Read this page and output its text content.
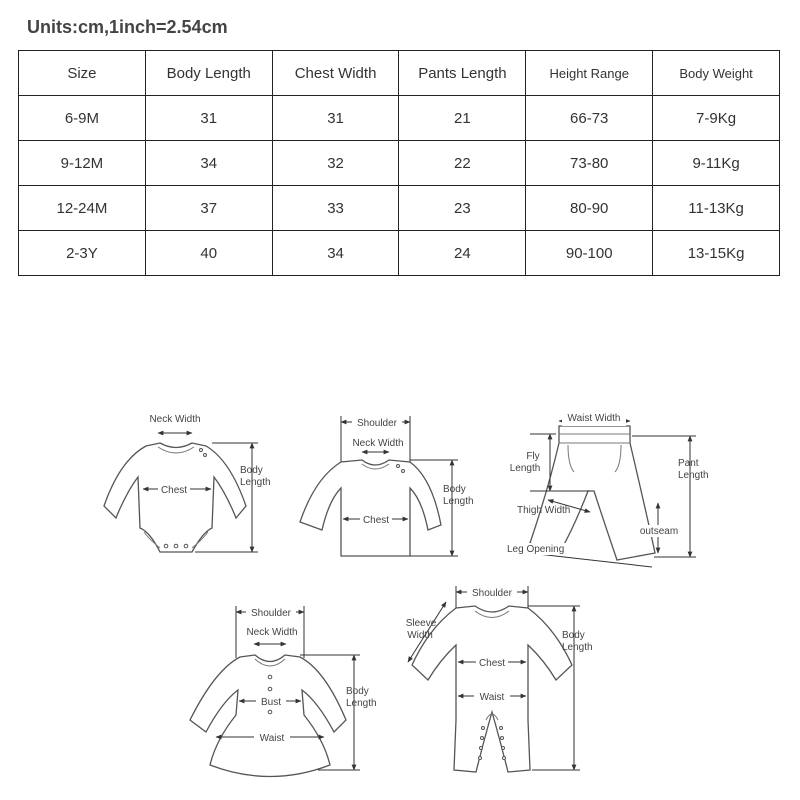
Units:cm,1inch=2.54cm
Size	Body Length	Chest Width	Pants Length	Height Range	Body Weight
6-9M	31	31	21	66-73	7-9Kg
9-12M	34	32	22	73-80	9-11Kg
12-24M	37	33	23	80-90	11-13Kg
2-3Y	40	34	24	90-100	13-15Kg
Neck Width
Chest
Body
Length
Shoulder
Neck Width
Chest
Body
Length
Waist Width
Fly
Length	Pant
Length
Thigh Width
outseam
Leg Opening
Shoulder
Neck Width
Bust
Waist
Body
Length
Shoulder
Sleeve
Width
Chest
Waist
Body
Length
